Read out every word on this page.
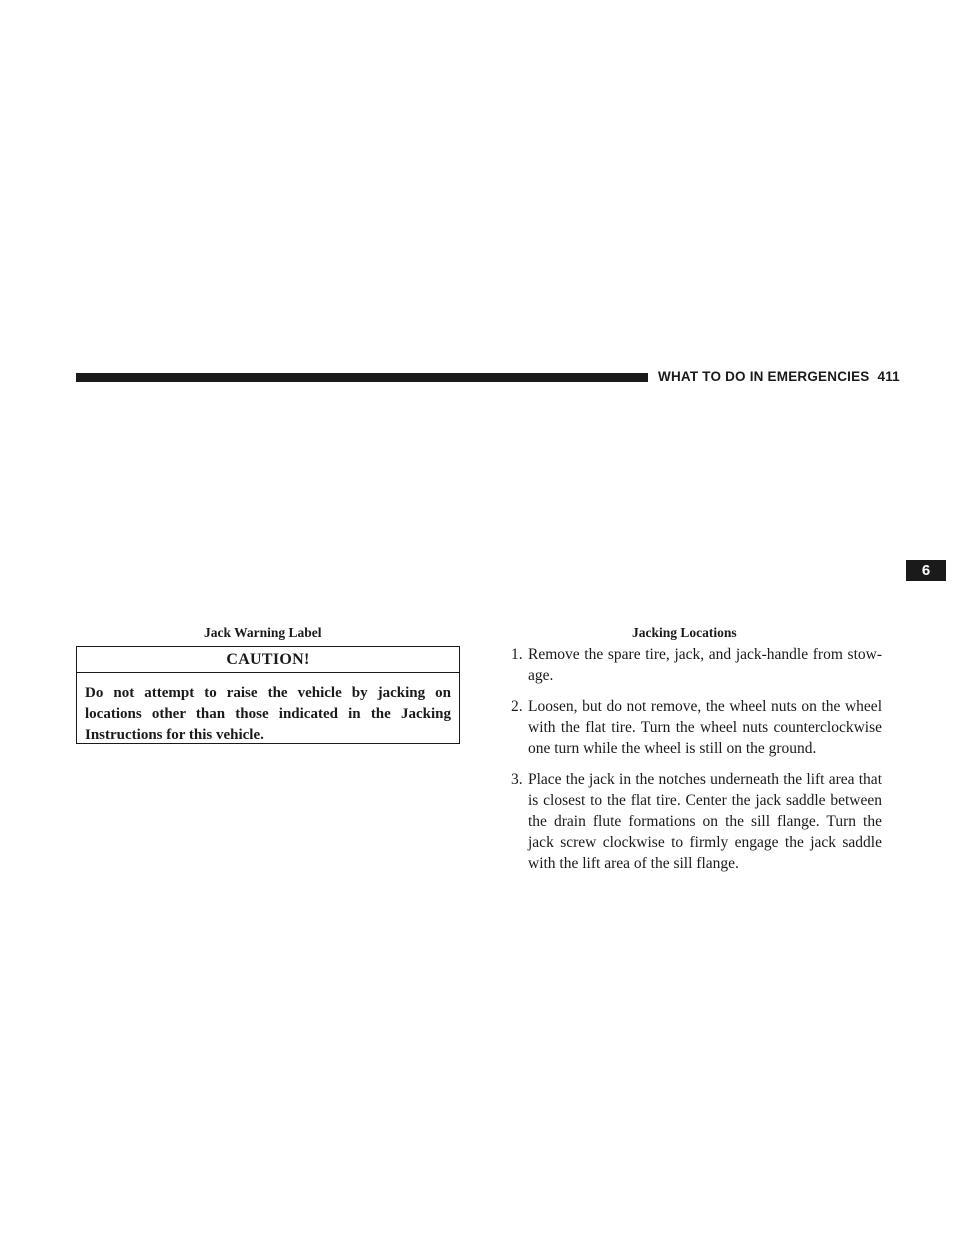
WHAT TO DO IN EMERGENCIES 411
6
Jack Warning Label	Jacking Locations
CAUTION!
Do not attempt to raise the vehicle by jacking on locations other than those indicated in the Jacking Instructions for this vehicle.
1. Remove the spare tire, jack, and jack-handle from stow-age.
2. Loosen, but do not remove, the wheel nuts on the wheel with the flat tire. Turn the wheel nuts counterclockwise one turn while the wheel is still on the ground.
3. Place the jack in the notches underneath the lift area that is closest to the flat tire. Center the jack saddle between the drain flute formations on the sill flange. Turn the jack screw clockwise to firmly engage the jack saddle with the lift area of the sill flange.
